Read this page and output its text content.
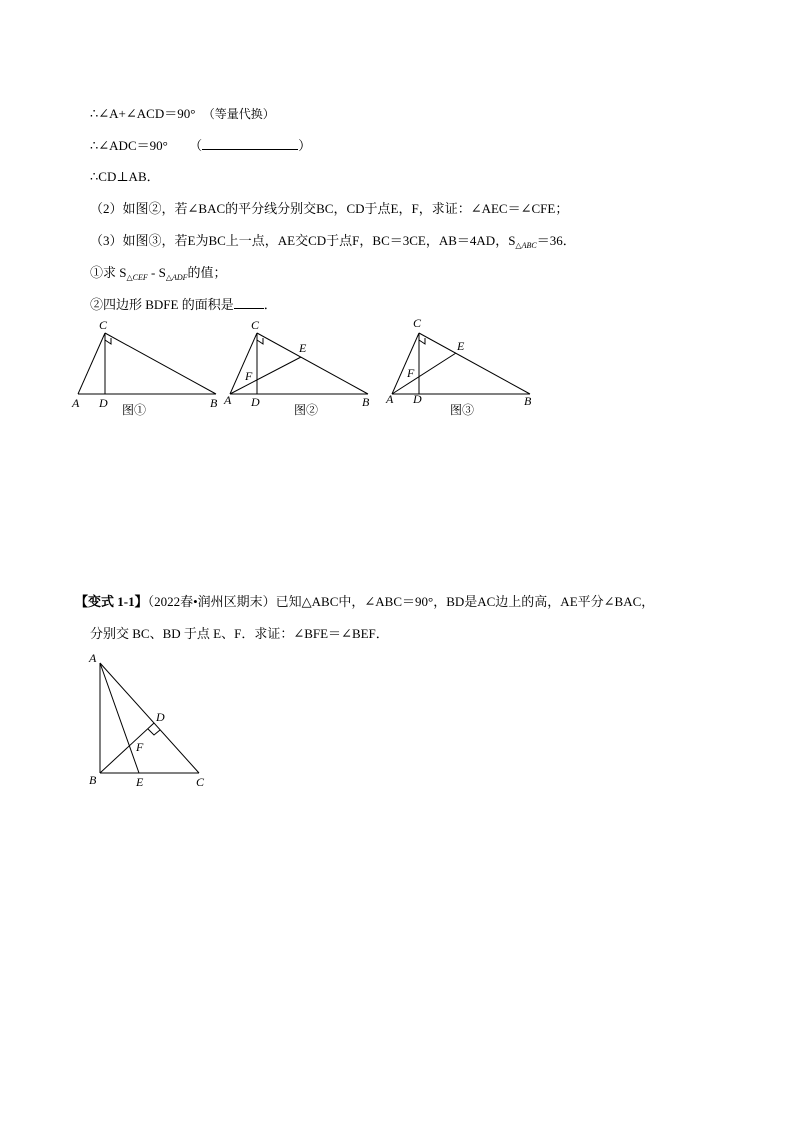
∴∠A+∠ACD＝90° （等量代换）
∴∠ADC＝90° （	）
∴CD⊥AB．
（2）如图②，若∠BAC的平分线分别交BC，CD于点E，F，求证：∠AEC＝∠CFE；
（3）如图③，若E为BC上一点，AE交CD于点F，BC＝3CE，AB＝4AD，$S_{\triangle ABC}=36$．
①求 $S_{\triangle CEF} - S_{\triangle ADF}$的值；
②四边形 BDFE 的面积是 ．
C
A D	B
图①
C
E
F
A D	B
图②
C
E
F
A D	B
图③
【变式 1-1】（2022春•润州区期末）已知△ABC中，∠ABC＝90°，BD是AC边上的高，AE平分∠BAC，
分别交 BC、BD 于点 E、F．求证：∠BFE＝∠BEF．
A
D
F
B	E	C
